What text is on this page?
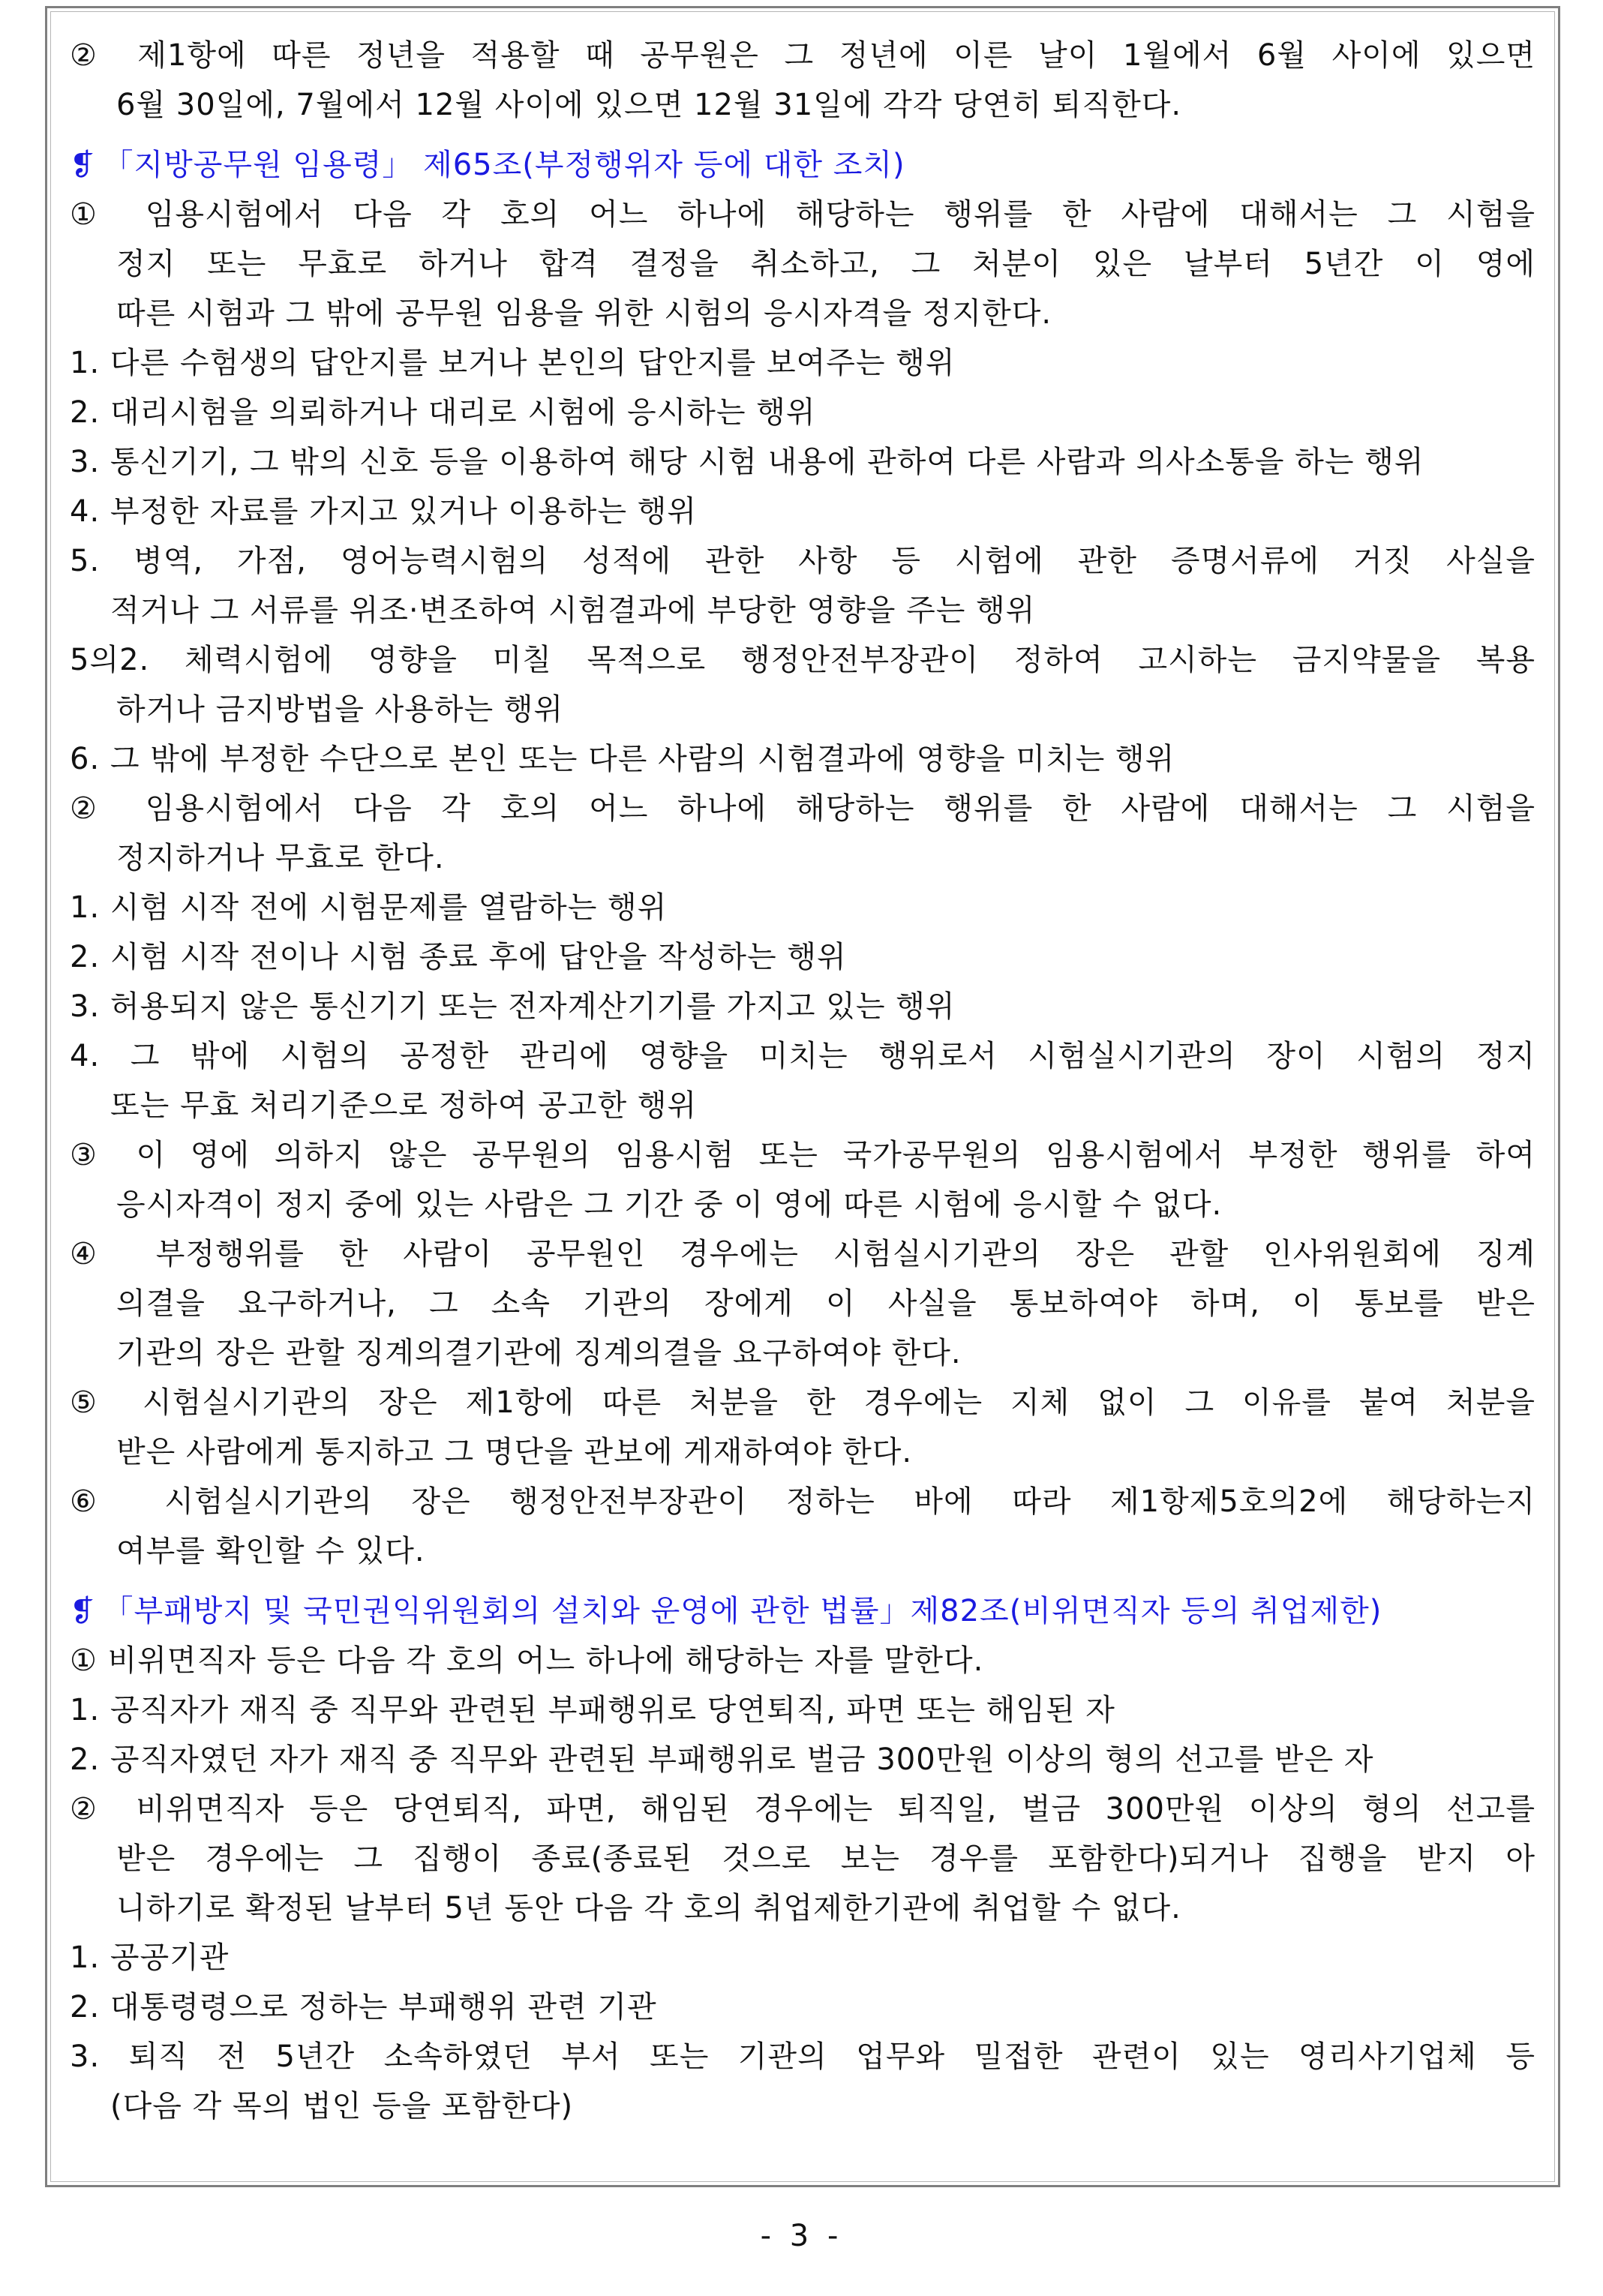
② 제1항에 따른 정년을 적용할 때 공무원은 그 정년에 이른 날이 1월에서 6월 사이에 있으면
6월 30일에, 7월에서 12월 사이에 있으면 12월 31일에 각각 당연히 퇴직한다.
❡ 「지방공무원 임용령」 제65조(부정행위자 등에 대한 조치)
① 임용시험에서 다음 각 호의 어느 하나에 해당하는 행위를 한 사람에 대해서는 그 시험을
정지 또는 무효로 하거나 합격 결정을 취소하고, 그 처분이 있은 날부터 5년간 이 영에
따른 시험과 그 밖에 공무원 임용을 위한 시험의 응시자격을 정지한다.
1. 다른 수험생의 답안지를 보거나 본인의 답안지를 보여주는 행위
2. 대리시험을 의뢰하거나 대리로 시험에 응시하는 행위
3. 통신기기, 그 밖의 신호 등을 이용하여 해당 시험 내용에 관하여 다른 사람과 의사소통을 하는 행위
4. 부정한 자료를 가지고 있거나 이용하는 행위
5. 병역, 가점, 영어능력시험의 성적에 관한 사항 등 시험에 관한 증명서류에 거짓 사실을
적거나 그 서류를 위조·변조하여 시험결과에 부당한 영향을 주는 행위
5의2. 체력시험에 영향을 미칠 목적으로 행정안전부장관이 정하여 고시하는 금지약물을 복용
하거나 금지방법을 사용하는 행위
6. 그 밖에 부정한 수단으로 본인 또는 다른 사람의 시험결과에 영향을 미치는 행위
② 임용시험에서 다음 각 호의 어느 하나에 해당하는 행위를 한 사람에 대해서는 그 시험을
정지하거나 무효로 한다.
1. 시험 시작 전에 시험문제를 열람하는 행위
2. 시험 시작 전이나 시험 종료 후에 답안을 작성하는 행위
3. 허용되지 않은 통신기기 또는 전자계산기기를 가지고 있는 행위
4. 그 밖에 시험의 공정한 관리에 영향을 미치는 행위로서 시험실시기관의 장이 시험의 정지
또는 무효 처리기준으로 정하여 공고한 행위
③ 이 영에 의하지 않은 공무원의 임용시험 또는 국가공무원의 임용시험에서 부정한 행위를 하여
응시자격이 정지 중에 있는 사람은 그 기간 중 이 영에 따른 시험에 응시할 수 없다.
④ 부정행위를 한 사람이 공무원인 경우에는 시험실시기관의 장은 관할 인사위원회에 징계
의결을 요구하거나, 그 소속 기관의 장에게 이 사실을 통보하여야 하며, 이 통보를 받은
기관의 장은 관할 징계의결기관에 징계의결을 요구하여야 한다.
⑤ 시험실시기관의 장은 제1항에 따른 처분을 한 경우에는 지체 없이 그 이유를 붙여 처분을
받은 사람에게 통지하고 그 명단을 관보에 게재하여야 한다.
⑥ 시험실시기관의 장은 행정안전부장관이 정하는 바에 따라 제1항제5호의2에 해당하는지
여부를 확인할 수 있다.
❡ 「부패방지 및 국민권익위원회의 설치와 운영에 관한 법률」제82조(비위면직자 등의 취업제한)
① 비위면직자 등은 다음 각 호의 어느 하나에 해당하는 자를 말한다.
1. 공직자가 재직 중 직무와 관련된 부패행위로 당연퇴직, 파면 또는 해임된 자
2. 공직자였던 자가 재직 중 직무와 관련된 부패행위로 벌금 300만원 이상의 형의 선고를 받은 자
② 비위면직자 등은 당연퇴직, 파면, 해임된 경우에는 퇴직일, 벌금 300만원 이상의 형의 선고를
받은 경우에는 그 집행이 종료(종료된 것으로 보는 경우를 포함한다)되거나 집행을 받지 아
니하기로 확정된 날부터 5년 동안 다음 각 호의 취업제한기관에 취업할 수 없다.
1. 공공기관
2. 대통령령으로 정하는 부패행위 관련 기관
3. 퇴직 전 5년간 소속하였던 부서 또는 기관의 업무와 밀접한 관련이 있는 영리사기업체 등
(다음 각 목의 법인 등을 포함한다)
- 3 -
